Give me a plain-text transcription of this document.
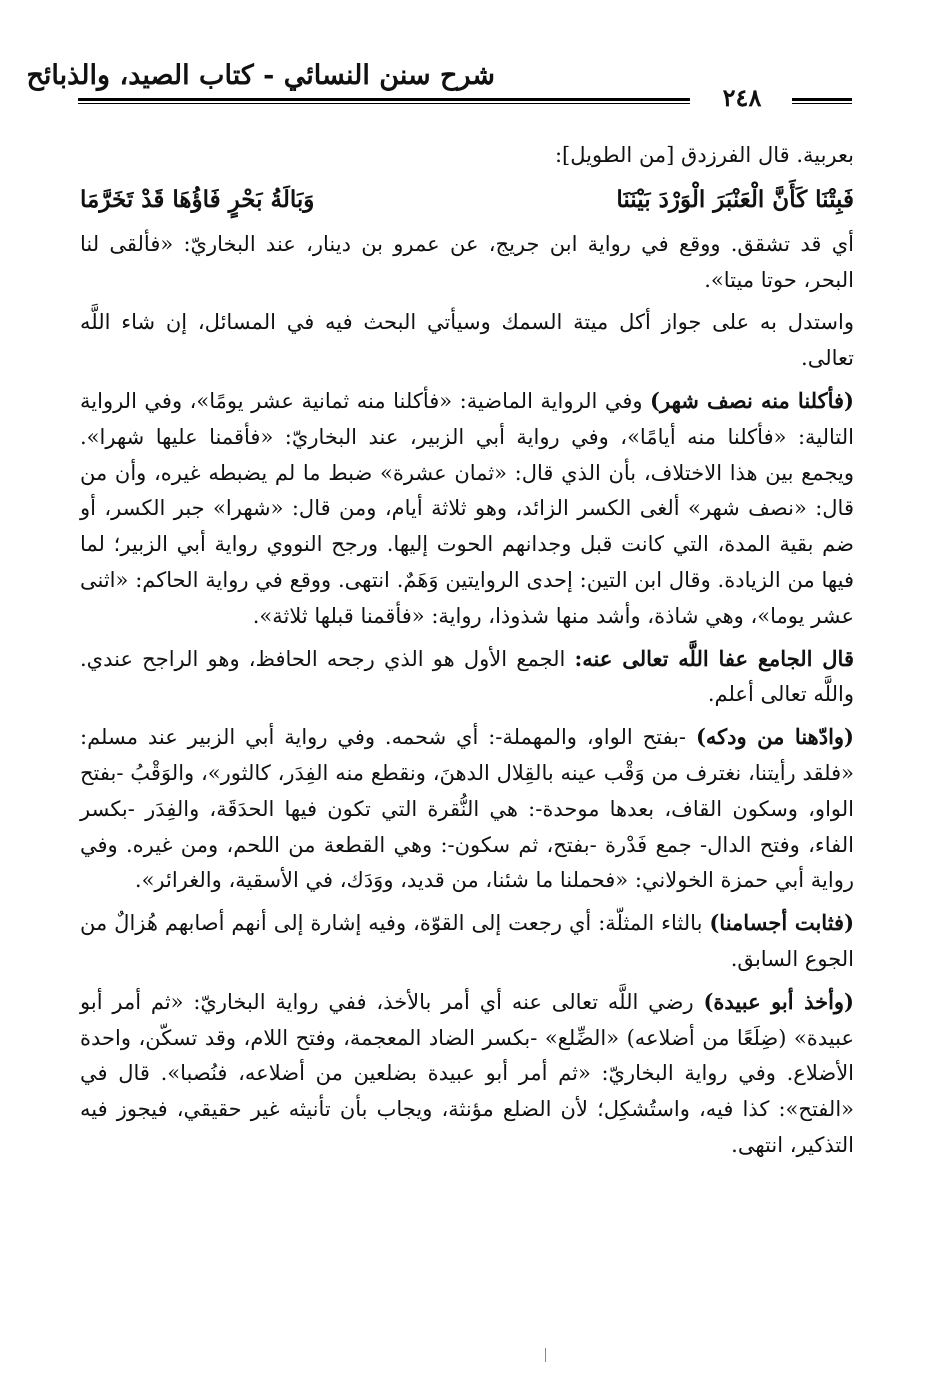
شرح سنن النسائي - كتاب الصيد، والذبائح
٢٤٨

بعربية. قال الفرزدق [من الطويل]:

فَبِتْنَا كَأَنَّ الْعَنْبَرَ الْوَرْدَ بَيْنَنَا
وَبَالَةُ بَحْرٍ فَاؤُهَا قَدْ تَخَرَّمَا

أي قد تشقق. ووقع في رواية ابن جريج، عن عمرو بن دينار، عند البخاريّ: «فألقى لنا البحر، حوتا ميتا».

واستدل به على جواز أكل ميتة السمك وسيأتي البحث فيه في المسائل، إن شاء اللَّه تعالى.

(فأكلنا منه نصف شهر) وفي الرواية الماضية: «فأكلنا منه ثمانية عشر يومًا»، وفي الرواية التالية: «فأكلنا منه أيامًا»، وفي رواية أبي الزبير، عند البخاريّ: «فأقمنا عليها شهرا». ويجمع بين هذا الاختلاف، بأن الذي قال: «ثمان عشرة» ضبط ما لم يضبطه غيره، وأن من قال: «نصف شهر» ألغى الكسر الزائد، وهو ثلاثة أيام، ومن قال: «شهرا» جبر الكسر، أو ضم بقية المدة، التي كانت قبل وجدانهم الحوت إليها. ورجح النووي رواية أبي الزبير؛ لما فيها من الزيادة. وقال ابن التين: إحدى الروايتين وَهَمٌ. انتهى. ووقع في رواية الحاكم: «اثنى عشر يوما»، وهي شاذة، وأشد منها شذوذا، رواية: «فأقمنا قبلها ثلاثة».

قال الجامع عفا اللَّه تعالى عنه: الجمع الأول هو الذي رجحه الحافظ، وهو الراجح عندي. واللَّه تعالى أعلم.

(وادّهنا من ودكه) -بفتح الواو، والمهملة-: أي شحمه. وفي رواية أبي الزبير عند مسلم: «فلقد رأيتنا، نغترف من وَقْب عينه بالقِلال الدهنَ، ونقطع منه الفِدَر، كالثور»، والوَقْبُ -بفتح الواو، وسكون القاف، بعدها موحدة-: هي النُّقرة التي تكون فيها الحدَقَة، والفِدَر -بكسر الفاء، وفتح الدال- جمع فَدْرة -بفتح، ثم سكون-: وهي القطعة من اللحم، ومن غيره. وفي رواية أبي حمزة الخولاني: «فحملنا ما شئنا، من قديد، ووَدَك، في الأسقية، والغرائر».

(فثابت أجسامنا) بالثاء المثلّة: أي رجعت إلى القوّة، وفيه إشارة إلى أنهم أصابهم هُزالٌ من الجوع السابق.

(وأخذ أبو عبيدة) رضي اللَّه تعالى عنه أي أمر بالأخذ، ففي رواية البخاريّ: «ثم أمر أبو عبيدة» (ضِلَعًا من أضلاعه) «الضِّلع» -بكسر الضاد المعجمة، وفتح اللام، وقد تسكّن، واحدة الأضلاع. وفي رواية البخاريّ: «ثم أمر أبو عبيدة بضلعين من أضلاعه، فنُصبا». قال في «الفتح»: كذا فيه، واستُشكِل؛ لأن الضلع مؤنثة، ويجاب بأن تأنيثه غير حقيقي، فيجوز فيه التذكير، انتهى.
